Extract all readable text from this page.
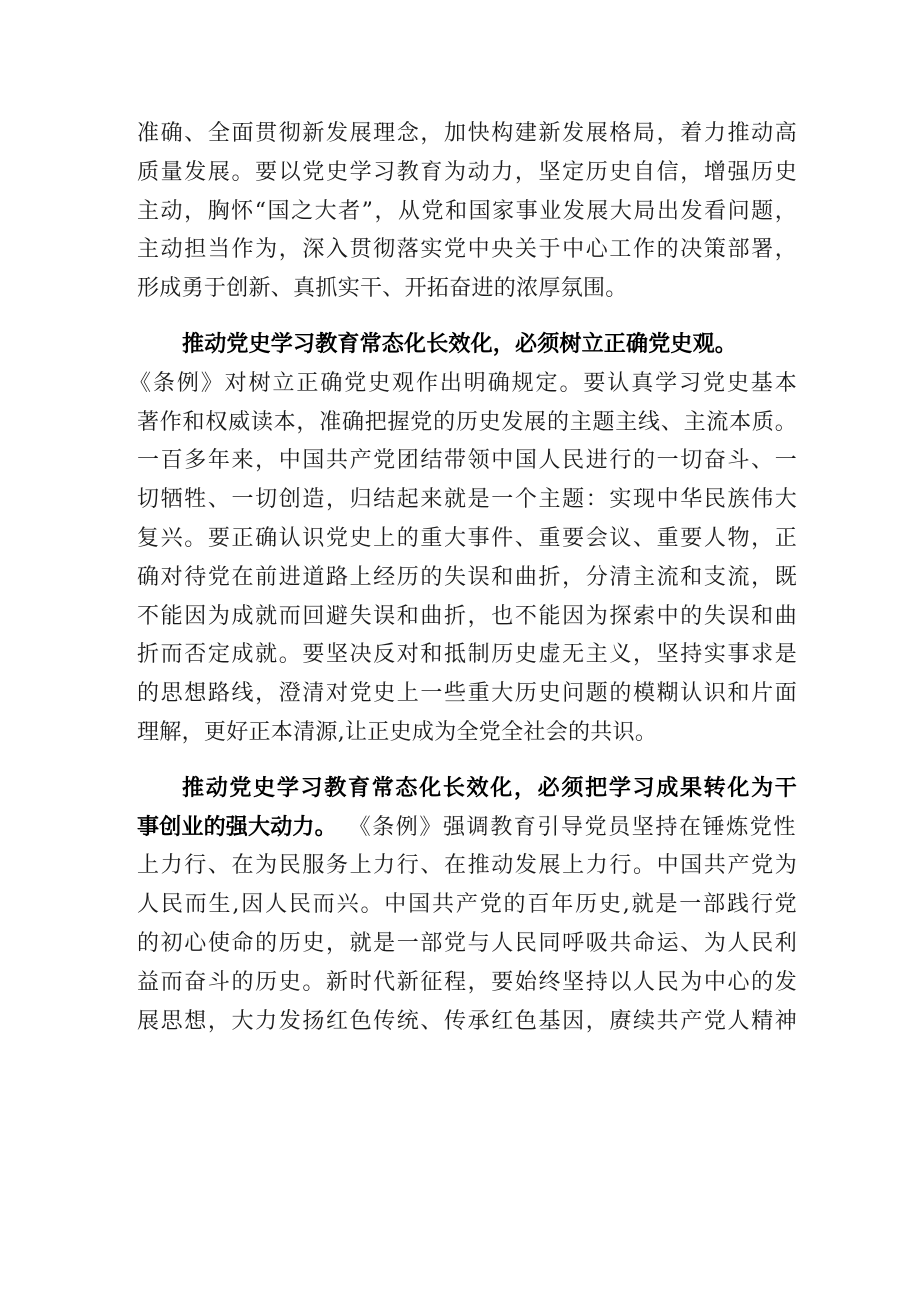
准确、全面贯彻新发展理念，加快构建新发展格局，着力推动高
质量发展。要以党史学习教育为动力，坚定历史自信，增强历史
主动，胸怀“国之大者”，从党和国家事业发展大局出发看问题，
主动担当作为，深入贯彻落实党中央关于中心工作的决策部署，
形成勇于创新、真抓实干、开拓奋进的浓厚氛围。
推动党史学习教育常态化长效化，必须树立正确党史观。
《条例》对树立正确党史观作出明确规定。要认真学习党史基本
著作和权威读本，准确把握党的历史发展的主题主线、主流本质。
一百多年来，中国共产党团结带领中国人民进行的一切奋斗、一
切牺牲、一切创造，归结起来就是一个主题：实现中华民族伟大
复兴。要正确认识党史上的重大事件、重要会议、重要人物，正
确对待党在前进道路上经历的失误和曲折，分清主流和支流，既
不能因为成就而回避失误和曲折，也不能因为探索中的失误和曲
折而否定成就。要坚决反对和抵制历史虚无主义，坚持实事求是
的思想路线，澄清对党史上一些重大历史问题的模糊认识和片面
理解，更好正本清源,让正史成为全党全社会的共识。
推动党史学习教育常态化长效化，必须把学习成果转化为干
事创业的强大动力。 《条例》强调教育引导党员坚持在锤炼党性
上力行、在为民服务上力行、在推动发展上力行。中国共产党为
人民而生,因人民而兴。中国共产党的百年历史,就是一部践行党
的初心使命的历史，就是一部党与人民同呼吸共命运、为人民利
益而奋斗的历史。新时代新征程，要始终坚持以人民为中心的发
展思想，大力发扬红色传统、传承红色基因，赓续共产党人精神
